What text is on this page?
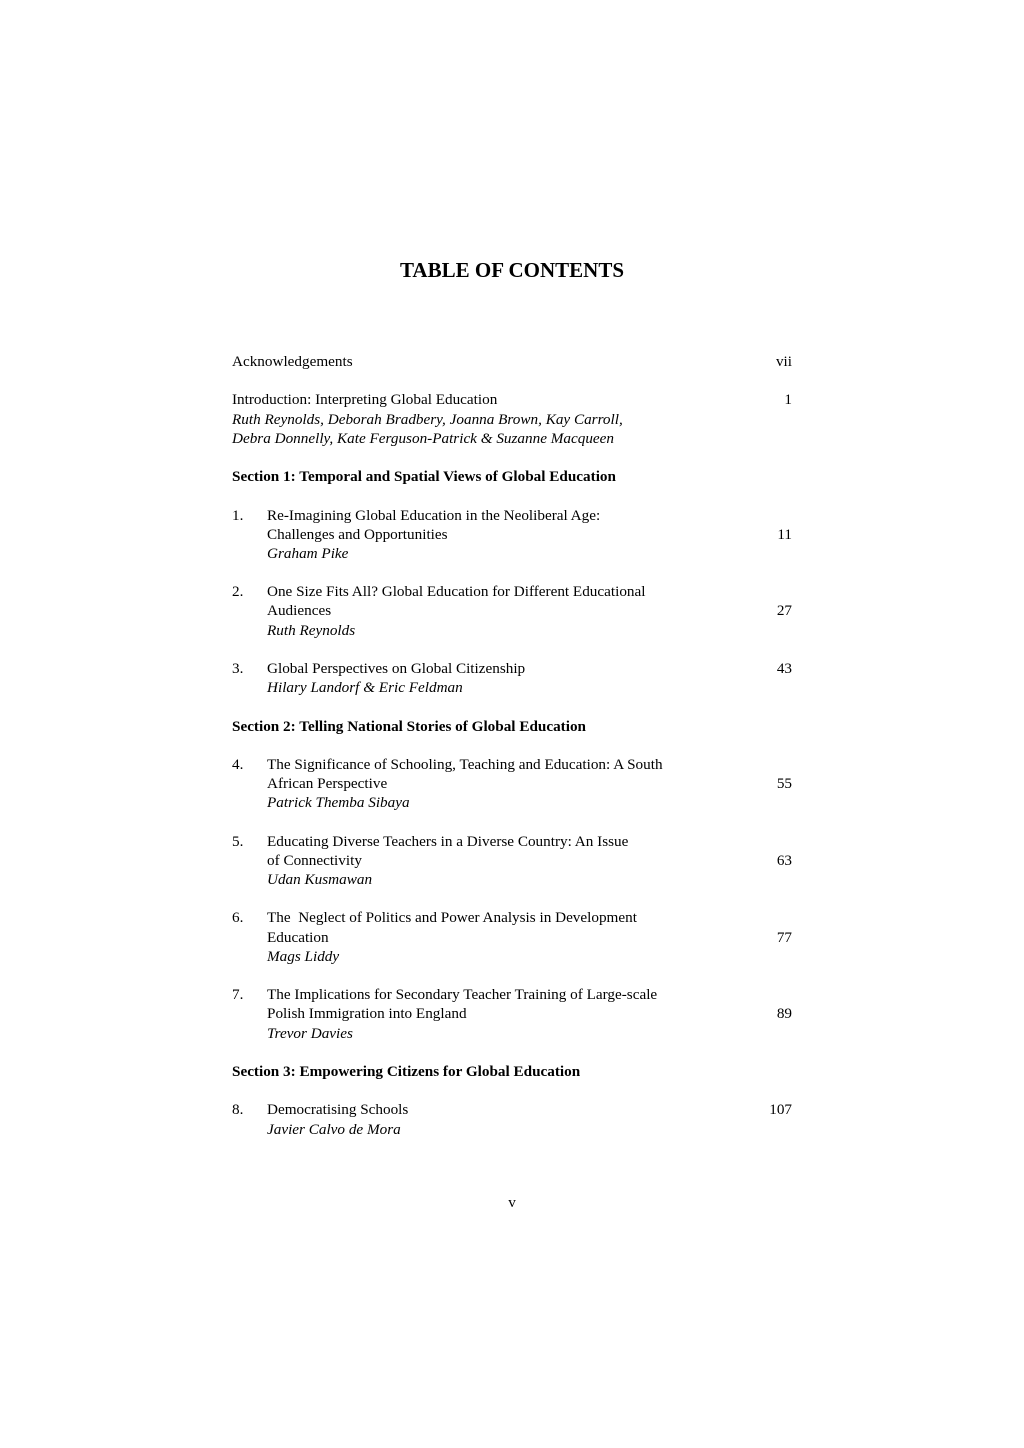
TABLE OF CONTENTS
Acknowledgements	vii
Introduction: Interpreting Global Education	1
Ruth Reynolds, Deborah Bradbery, Joanna Brown, Kay Carroll,
Debra Donnelly, Kate Ferguson-Patrick & Suzanne Macqueen
Section 1: Temporal and Spatial Views of Global Education
1. Re-Imagining Global Education in the Neoliberal Age:
Challenges and Opportunities	11
Graham Pike
2. One Size Fits All? Global Education for Different Educational
Audiences	27
Ruth Reynolds
3. Global Perspectives on Global Citizenship	43
Hilary Landorf & Eric Feldman
Section 2: Telling National Stories of Global Education
4. The Significance of Schooling, Teaching and Education: A South
African Perspective	55
Patrick Themba Sibaya
5. Educating Diverse Teachers in a Diverse Country: An Issue
of Connectivity	63
Udan Kusmawan
6. The  Neglect of Politics and Power Analysis in Development
Education	77
Mags Liddy
7. The Implications for Secondary Teacher Training of Large-scale
Polish Immigration into England	89
Trevor Davies
Section 3: Empowering Citizens for Global Education
8. Democratising Schools	107
Javier Calvo de Mora
v
